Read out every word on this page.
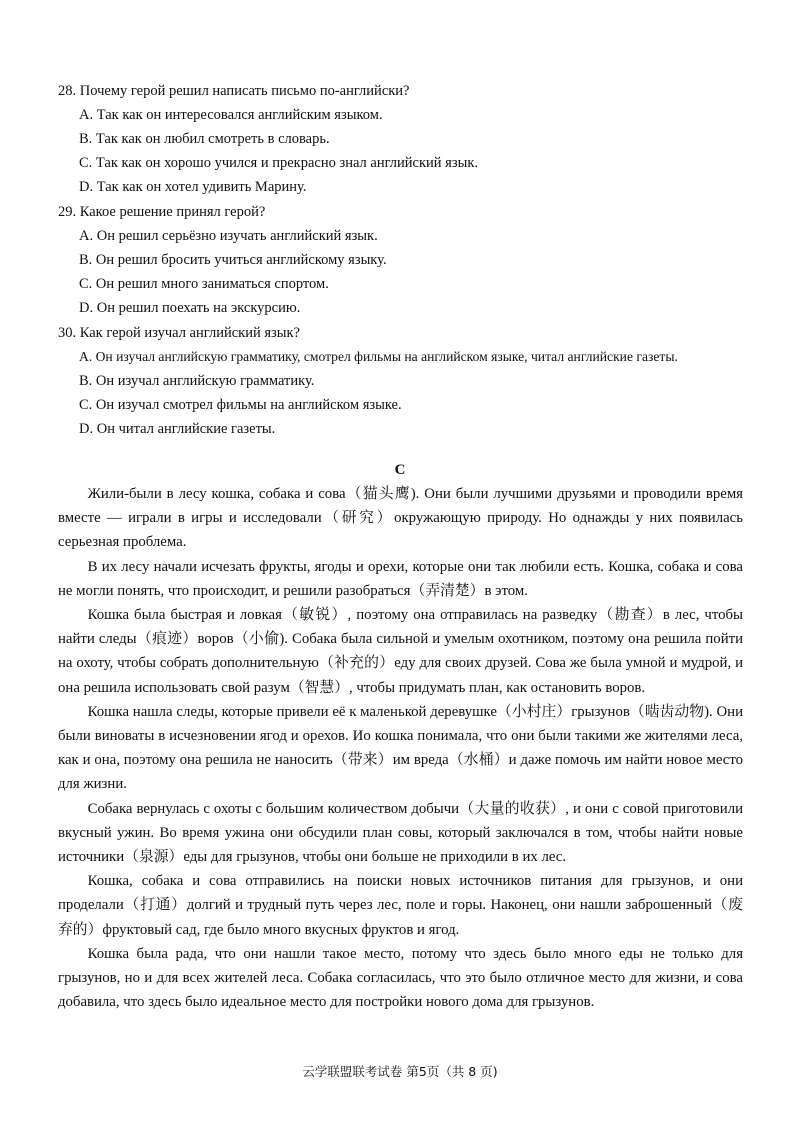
28. Почему герой решил написать письмо по-английски?
A. Так как он интересовался английским языком.
B. Так как он любил смотреть в словарь.
C. Так как он хорошо учился и прекрасно знал английский язык.
D. Так как он хотел удивить Марину.
29. Какое решение принял герой?
A. Он решил серьёзно изучать английский язык.
B. Он решил бросить учиться английскому языку.
C. Он решил много заниматься спортом.
D. Он решил поехать на экскурсию.
30. Как герой изучал английский язык?
A. Он изучал английскую грамматику, смотрел фильмы на английском языке, читал английские газеты.
B. Он изучал английскую грамматику.
C. Он изучал смотрел фильмы на английском языке.
D. Он читал английские газеты.
C

Жили-были в лесу кошка, собака и сова（猫头鹰). Они были лучшими друзьями и проводили время вместе — играли в игры и исследовали（研究）окружающую природу. Но однажды у них появилась серьезная проблема.

В их лесу начали исчезать фрукты, ягоды и орехи, которые они так любили есть. Кошка, собака и сова не могли понять, что происходит, и решили разобраться（弄清楚）в этом.

Кошка была быстрая и ловкая（敏锐）, поэтому она отправилась на разведку（勘查）в лес, чтобы найти следы（痕迹）воров（小偷). Собака была сильной и умелым охотником, поэтому она решила пойти на охоту, чтобы собрать дополнительную（补充的）еду для своих друзей. Сова же была умной и мудрой, и она решила использовать свой разум（智慧）, чтобы придумать план, как остановить воров.

Кошка нашла следы, которые привели её к маленькой деревушке（小村庄）грызунов（啮齿动物). Они были виноваты в исчезновении ягод и орехов. Ио кошка понимала, что они были такими же жителями леса, как и она, поэтому она решила не наносить（带来）им вреда（水桶）и даже помочь им найти новое место для жизни.

Собака вернулась с охоты с большим количеством добычи（大量的收获）, и они с совой приготовили вкусный ужин. Во время ужина они обсудили план совы, который заключался в том, чтобы найти новые источники（泉源）еды для грызунов, чтобы они больше не приходили в их лес.

Кошка, собака и сова отправились на поиски новых источников питания для грызунов, и они проделали（打通）долгий и трудный путь через лес, поле и горы. Наконец, они нашли заброшенный（废弃的）фруктовый сад, где было много вкусных фруктов и ягод.

Кошка была рада, что они нашли такое место, потому что здесь было много еды не только для грызунов, но и для всех жителей леса. Собака согласилась, что это было отличное место для жизни, и сова добавила, что здесь было идеальное место для постройки нового дома для грызунов.

云学联盟联考试卷 第5页（共 8 页)
